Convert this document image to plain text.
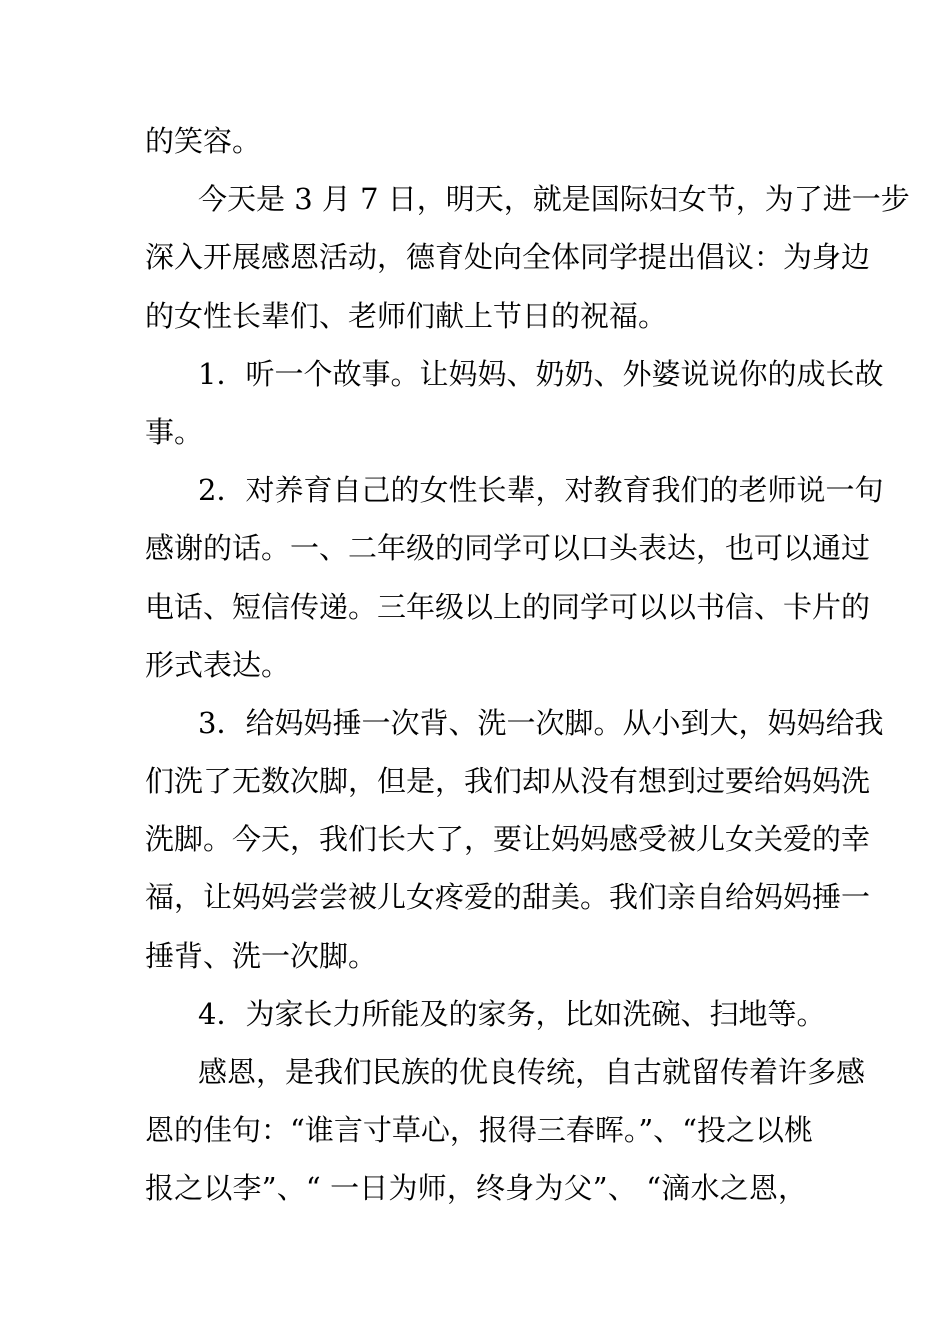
的笑容。
今天是 3 月 7 日，明天，就是国际妇女节，为了进一步
深入开展感恩活动，德育处向全体同学提出倡议：为身边
的女性长辈们、老师们献上节日的祝福。
1．听一个故事。让妈妈、奶奶、外婆说说你的成长故
事。
2．对养育自己的女性长辈，对教育我们的老师说一句
感谢的话。一、二年级的同学可以口头表达，也可以通过
电话、短信传递。三年级以上的同学可以以书信、卡片的
形式表达。
3．给妈妈捶一次背、洗一次脚。从小到大，妈妈给我
们洗了无数次脚，但是，我们却从没有想到过要给妈妈洗
洗脚。今天，我们长大了，要让妈妈感受被儿女关爱的幸
福，让妈妈尝尝被儿女疼爱的甜美。我们亲自给妈妈捶一
捶背、洗一次脚。
4．为家长力所能及的家务，比如洗碗、扫地等。
感恩，是我们民族的优良传统，自古就留传着许多感
恩的佳句：“谁言寸草心，报得三春晖。”、“投之以桃
报之以李”、“ 一日为师，终身为父”、 “滴水之恩，
